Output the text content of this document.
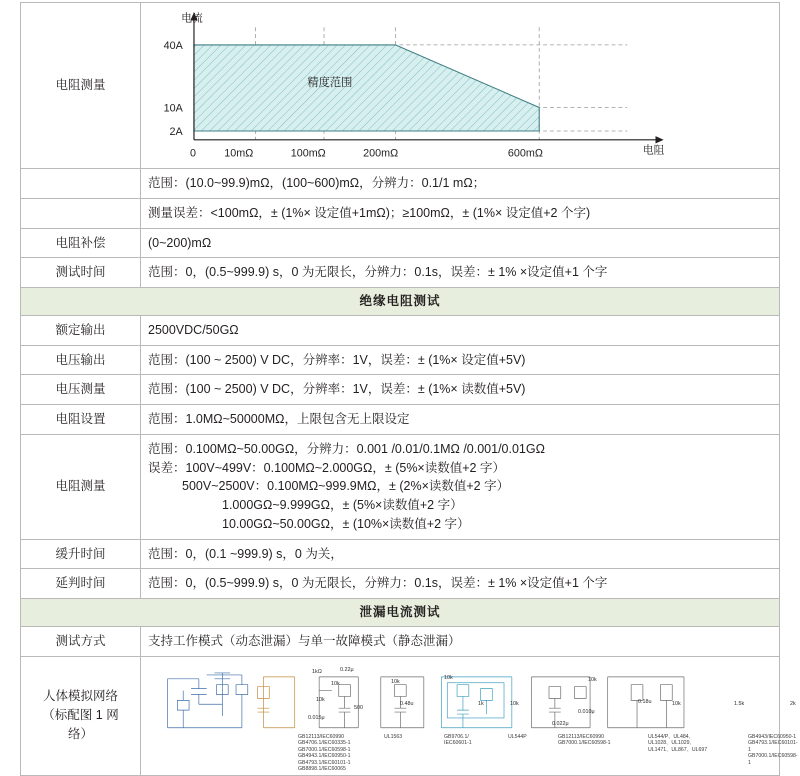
电阻测量	
电流
电阻
40A
10A
2A
0	10mΩ	100mΩ	200mΩ	600mΩ
精度范围

	范围：(10.0~99.9)mΩ，(100~600)mΩ，分辨力：0.1/1 mΩ；
	测量误差：<100mΩ，± (1%× 设定值+1mΩ)；≥100mΩ，± (1%× 设定值+2 个字)
电阻补偿	(0~200)mΩ
测试时间	范围：0，(0.5~999.9) s，0 为无限长，分辨力：0.1s，误差：± 1% ×设定值+1 个字
绝缘电阻测试	
额定输出	2500VDC/50GΩ
电压输出	范围：(100 ~ 2500) V DC，分辨率：1V，误差：± (1%× 设定值+5V)
电压测量	范围：(100 ~ 2500) V DC，分辨率：1V，误差：± (1%× 读数值+5V)
电阻设置	范围：1.0MΩ~50000MΩ，上限包含无上限设定
电阻测量	范围：0.100MΩ~50.00GΩ，分辨力：0.001 /0.01/0.1MΩ /0.001/0.01GΩ
误差：100V~499V：0.100MΩ~2.000GΩ，± (5%×读数值+2 字）
500V~2500V：0.100MΩ~999.9MΩ，± (2%×读数值+2 字）
1.000GΩ~9.999GΩ，± (5%×读数值+2 字）
10.00GΩ~50.00GΩ，± (10%×读数值+2 字）

缓升时间	范围：0，(0.1 ~999.9) s，0 为关，
延判时间	范围：0，(0.5~999.9) s，0 为无限长，分辨力：0.1s，误差：± 1% ×设定值+1 个字
泄漏电流测试	
测试方式	支持工作模式（动态泄漏）与单一故障模式（静态泄漏）

人体模拟网络
（标配图 1 网
络）

1kΩ	0.22μ
10k
10k
500
0.015μ
10k
0.48u
10k
1k	10k
0.022μ
10k
0.010μ
0.18u	10k	1.5k	2k
GB12113/IEC60990
GB4706.1/IEC60335-1
GB7000.1/IEC60598-1
GB4943.1/IEC60950-1
GB4793.1/IEC60101-1
GB8898.1/IEC60065
UL1563	GB9706.1/
IEC60601-1
UL544P	GB12113/IEC60990
GB7000.1/IEC60598-1
UL544/P、UL484、
UL1028、UL1029、
UL1471、UL867、UL697
GB4943/IEC60950-1
GB4793.1/IEC60101-1
GB7000.1/IEC60598-1
